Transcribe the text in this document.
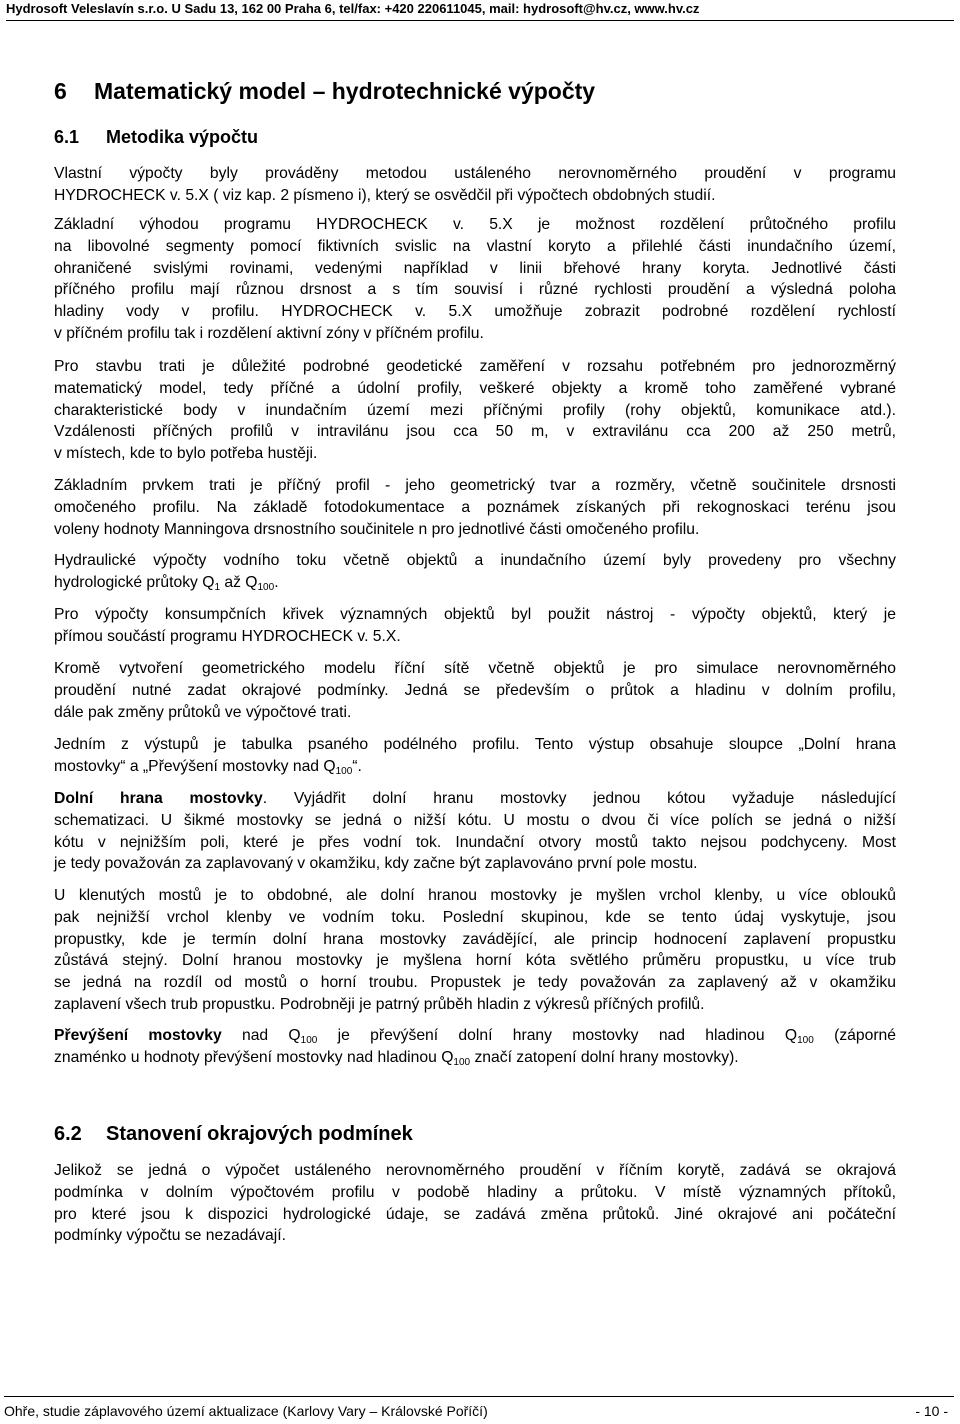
Hydrosoft Veleslavín s.r.o. U Sadu 13, 162 00 Praha 6, tel/fax: +420 220611045, mail: hydrosoft@hv.cz, www.hv.cz
6 Matematický model – hydrotechnické výpočty
6.1 Metodika výpočtu
Vlastní výpočty byly prováděny metodou ustáleného nerovnoměrného proudění v programu
HYDROCHECK v. 5.X ( viz kap. 2 písmeno i), který se osvědčil při výpočtech obdobných studií.
Základní výhodou programu HYDROCHECK v. 5.X je možnost rozdělení průtočného profilu
na libovolné segmenty pomocí fiktivních svislic na vlastní koryto a přilehlé části inundačního území,
ohraničené svislými rovinami, vedenými například v linii břehové hrany koryta. Jednotlivé části
příčného profilu mají různou drsnost a s tím souvisí i různé rychlosti proudění a výsledná poloha
hladiny vody v profilu. HYDROCHECK v. 5.X umožňuje zobrazit podrobné rozdělení rychlostí
v příčném profilu tak i rozdělení aktivní zóny v příčném profilu.
Pro stavbu trati je důležité podrobné geodetické zaměření v rozsahu potřebném pro jednorozměrný
matematický model, tedy příčné a údolní profily, veškeré objekty a kromě toho zaměřené vybrané
charakteristické body v inundačním území mezi příčnými profily (rohy objektů, komunikace atd.).
Vzdálenosti příčných profilů v intravilánu jsou cca 50 m, v extravilánu cca 200 až 250 metrů,
v místech, kde to bylo potřeba hustěji.
Základním prvkem trati je příčný profil - jeho geometrický tvar a rozměry, včetně součinitele drsnosti
omočeného profilu. Na základě fotodokumentace a poznámek získaných při rekognoskaci terénu jsou
voleny hodnoty Manningova drsnostního součinitele n pro jednotlivé části omočeného profilu.
Hydraulické výpočty vodního toku včetně objektů a inundačního území byly provedeny pro všechny
hydrologické průtoky $Q_1$ až $Q_{100}$.
Pro výpočty konsumpčních křivek významných objektů byl použit nástroj - výpočty objektů, který je
přímou součástí programu HYDROCHECK v. 5.X.
Kromě vytvoření geometrického modelu říční sítě včetně objektů je pro simulace nerovnoměrného
proudění nutné zadat okrajové podmínky. Jedná se především o průtok a hladinu v dolním profilu,
dále pak změny průtoků ve výpočtové trati.
Jedním z výstupů je tabulka psaného podélného profilu. Tento výstup obsahuje sloupce „Dolní hrana
mostovky“ a „Převýšení mostovky nad $Q_{100}“$.
Dolní hrana mostovky. Vyjádřit dolní hranu mostovky jednou kótou vyžaduje následující
schematizaci. U šikmé mostovky se jedná o nižší kótu. U mostu o dvou či více polích se jedná o nižší
kótu v nejnižším poli, které je přes vodní tok. Inundační otvory mostů takto nejsou podchyceny. Most
je tedy považován za zaplavovaný v okamžiku, kdy začne být zaplavováno první pole mostu.
U klenutých mostů je to obdobné, ale dolní hranou mostovky je myšlen vrchol klenby, u více oblouků
pak nejnižší vrchol klenby ve vodním toku. Poslední skupinou, kde se tento údaj vyskytuje, jsou
propustky, kde je termín dolní hrana mostovky zavádějící, ale princip hodnocení zaplavení propustku
zůstává stejný. Dolní hranou mostovky je myšlena horní kóta světlého průměru propustku, u více trub
se jedná na rozdíl od mostů o horní troubu. Propustek je tedy považován za zaplavený až v okamžiku
zaplavení všech trub propustku. Podrobněji je patrný průběh hladin z výkresů příčných profilů.
Převýšení mostovky nad $Q_{100}$ je převýšení dolní hrany mostovky nad hladinou $Q_{100}$ (záporné
znaménko u hodnoty převýšení mostovky nad hladinou $Q_{100}$ značí zatopení dolní hrany mostovky).
6.2 Stanovení okrajových podmínek
Jelikož se jedná o výpočet ustáleného nerovnoměrného proudění v říčním korytě, zadává se okrajová
podmínka v dolním výpočtovém profilu v podobě hladiny a průtoku. V místě významných přítoků,
pro které jsou k dispozici hydrologické údaje, se zadává změna průtoků. Jiné okrajové ani počáteční
podmínky výpočtu se nezadávají.
Ohře, studie záplavového území aktualizace (Karlovy Vary – Královské Poříčí)	- 10 -
